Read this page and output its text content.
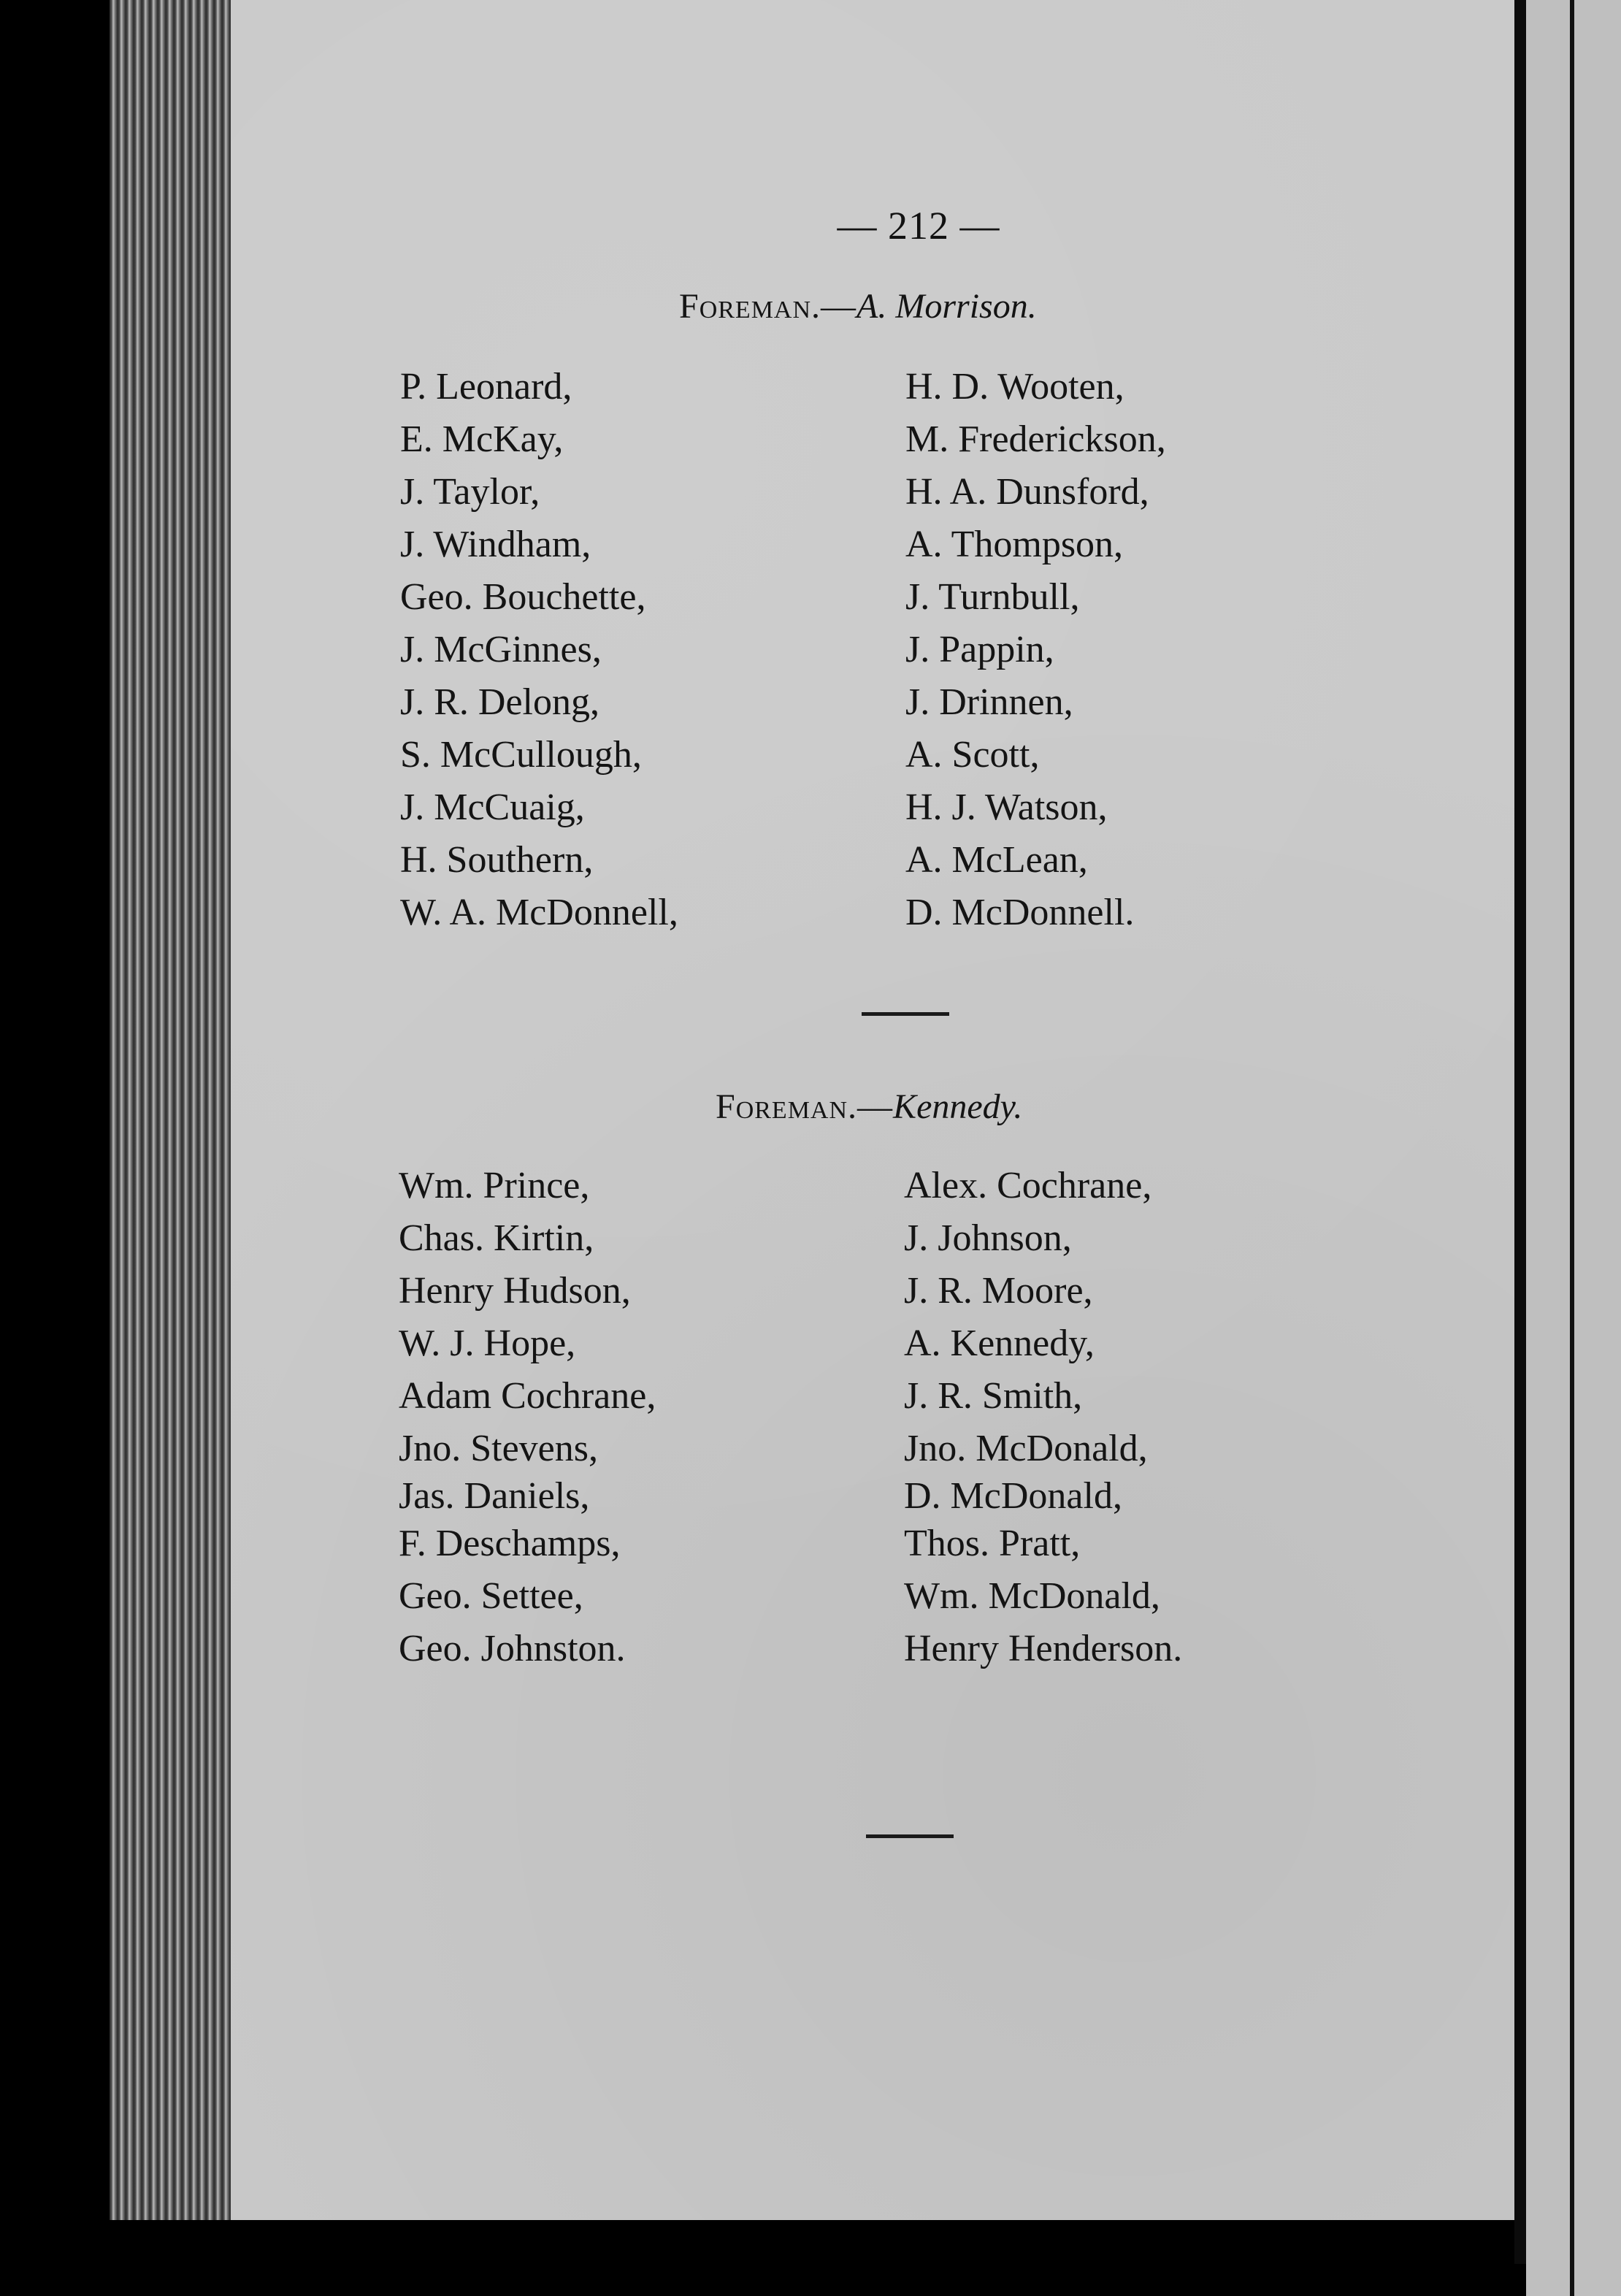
— 212 —
Foreman.—A. Morrison.
P. Leonard,
E. McKay,
J. Taylor,
J. Windham,
Geo. Bouchette,
J. McGinnes,
J. R. Delong,
S. McCullough,
J. McCuaig,
H. Southern,
W. A. McDonnell,
H. D. Wooten,
M. Frederickson,
H. A. Dunsford,
A. Thompson,
J. Turnbull,
J. Pappin,
J. Drinnen,
A. Scott,
H. J. Watson,
A. McLean,
D. McDonnell.
Foreman.—Kennedy.
Wm. Prince,
Chas. Kirtin,
Henry Hudson,
W. J. Hope,
Adam Cochrane,
Jno. Stevens,
Jas. Daniels,
F. Deschamps,
Geo. Settee,
Geo. Johnston.
Alex. Cochrane,
J. Johnson,
J. R. Moore,
A. Kennedy,
J. R. Smith,
Jno. McDonald,
D. McDonald,
Thos. Pratt,
Wm. McDonald,
Henry Henderson.
